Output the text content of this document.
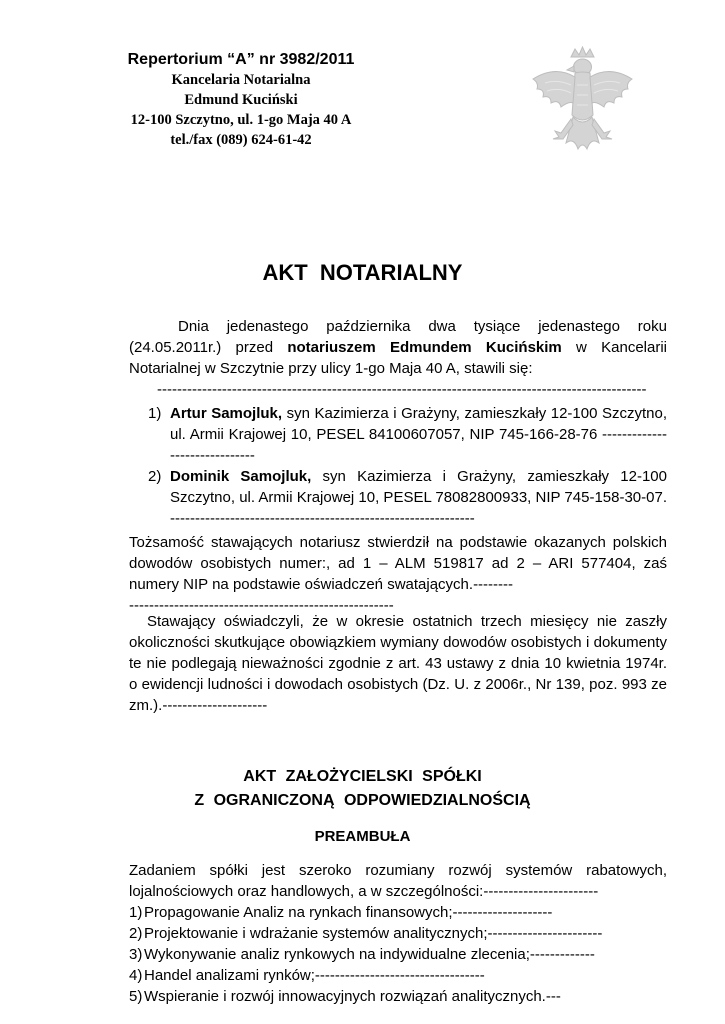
Repertorium “A” nr 3982/2011

Kancelaria Notarialna

Edmund Kuciński

12-100 Szczytno, ul. 1-go Maja 40 A

tel./fax (089) 624-61-42

AKT NOTARIALNY

Dnia jedenastego października dwa tysiące jedenastego roku (24.05.2011r.) przed notariuszem Edmundem Kucińskim w Kancelarii Notarialnej w Szczytnie przy ulicy 1-go Maja 40 A, stawili się:

--------------------------------------------------------------------------------------------------

1) Artur Samojluk, syn Kazimierza i Grażyny, zamieszkały 12-100 Szczytno, ul. Armii Krajowej 10, PESEL 84100607057, NIP 745-166-28-76 ------------------------------

2) Dominik Samojluk, syn Kazimierza i Grażyny, zamieszkały 12-100 Szczytno, ul. Armii Krajowej 10, PESEL 78082800933, NIP 745-158-30-07. -------------------------------------------------------------

Tożsamość stawających notariusz stwierdził na podstawie okazanych polskich dowodów osobistych numer:, ad 1 – ALM 519817 ad 2 – ARI 577404, zaś numery NIP na podstawie oświadczeń swatających.--------

-----------------------------------------------------

Stawający oświadczyli, że w okresie ostatnich trzech miesięcy nie zaszły okoliczności skutkujące obowiązkiem wymiany dowodów osobistych i dokumenty te nie podlegają nieważności zgodnie z art. 43 ustawy z dnia 10 kwietnia 1974r. o ewidencji ludności i dowodach osobistych (Dz. U. z 2006r., Nr 139, poz. 993 ze zm.).---------------------

AKT ZAŁOŻYCIELSKI SPÓŁKI
Z OGRANICZONĄ ODPOWIEDZIALNOŚCIĄ
PREAMBUŁA

Zadaniem spółki jest szeroko rozumiany rozwój systemów rabatowych, lojalnościowych oraz handlowych, a w szczególności:-----------------------

1) Propagowanie Analiz na rynkach finansowych;--------------------
2) Projektowanie i wdrażanie systemów analitycznych;-----------------------
3) Wykonywanie analiz rynkowych na indywidualne zlecenia;-------------
4) Handel analizami rynków;----------------------------------
5) Wspieranie i rozwój innowacyjnych rozwiązań analitycznych.---
